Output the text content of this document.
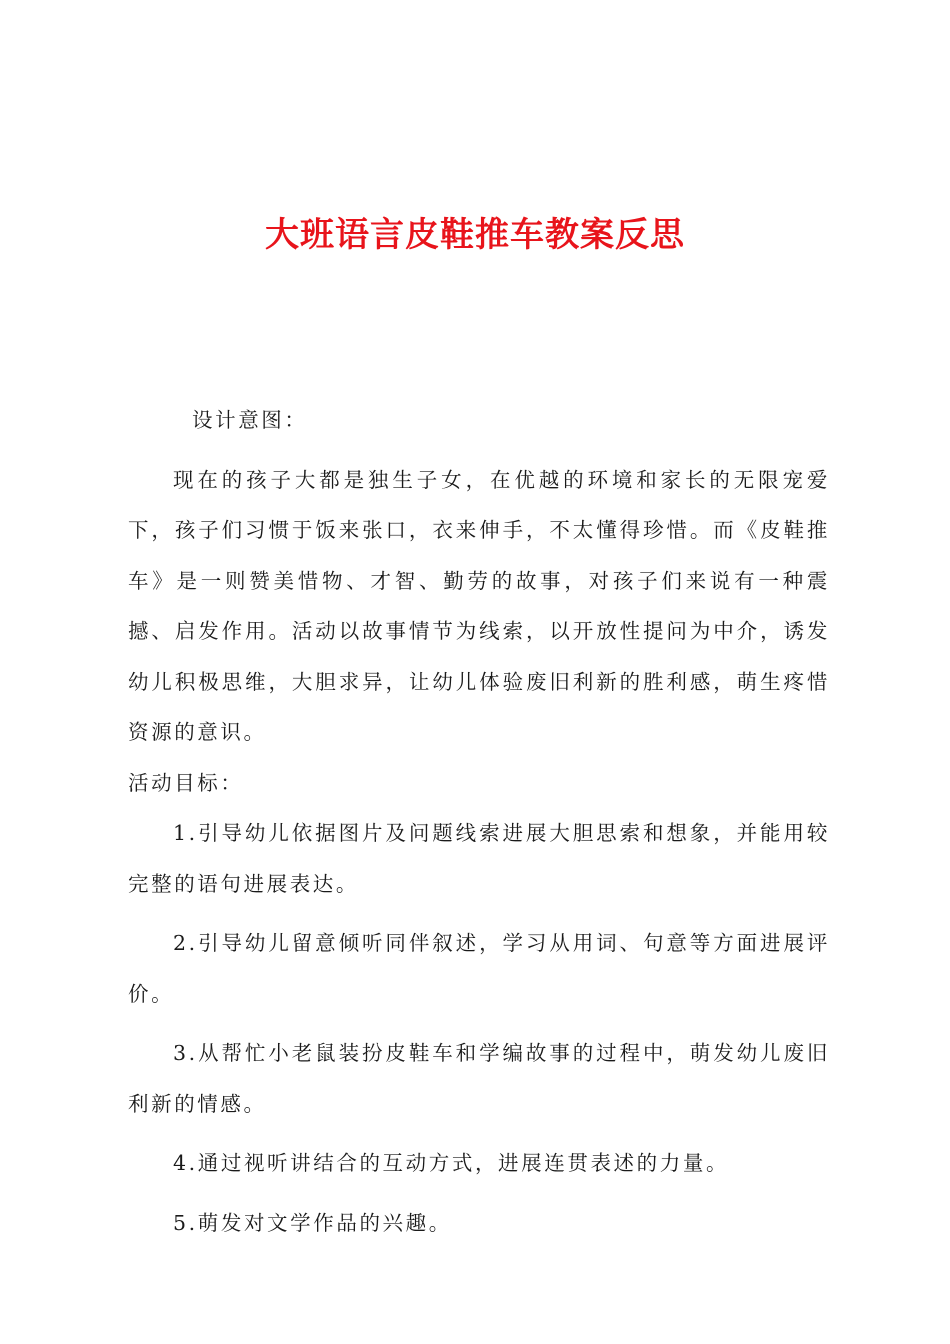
大班语言皮鞋推车教案反思

设计意图：

现在的孩子大都是独生子女，在优越的环境和家长的无限宠爱下，孩子们习惯于饭来张口，衣来伸手，不太懂得珍惜。而《皮鞋推车》是一则赞美惜物、才智、勤劳的故事，对孩子们来说有一种震撼、启发作用。活动以故事情节为线索，以开放性提问为中介，诱发幼儿积极思维，大胆求异，让幼儿体验废旧利新的胜利感，萌生疼惜资源的意识。

活动目标：

1.引导幼儿依据图片及问题线索进展大胆思索和想象，并能用较完整的语句进展表达。

2.引导幼儿留意倾听同伴叙述，学习从用词、句意等方面进展评价。

3.从帮忙小老鼠装扮皮鞋车和学编故事的过程中，萌发幼儿废旧利新的情感。

4.通过视听讲结合的互动方式，进展连贯表述的力量。

5.萌发对文学作品的兴趣。
